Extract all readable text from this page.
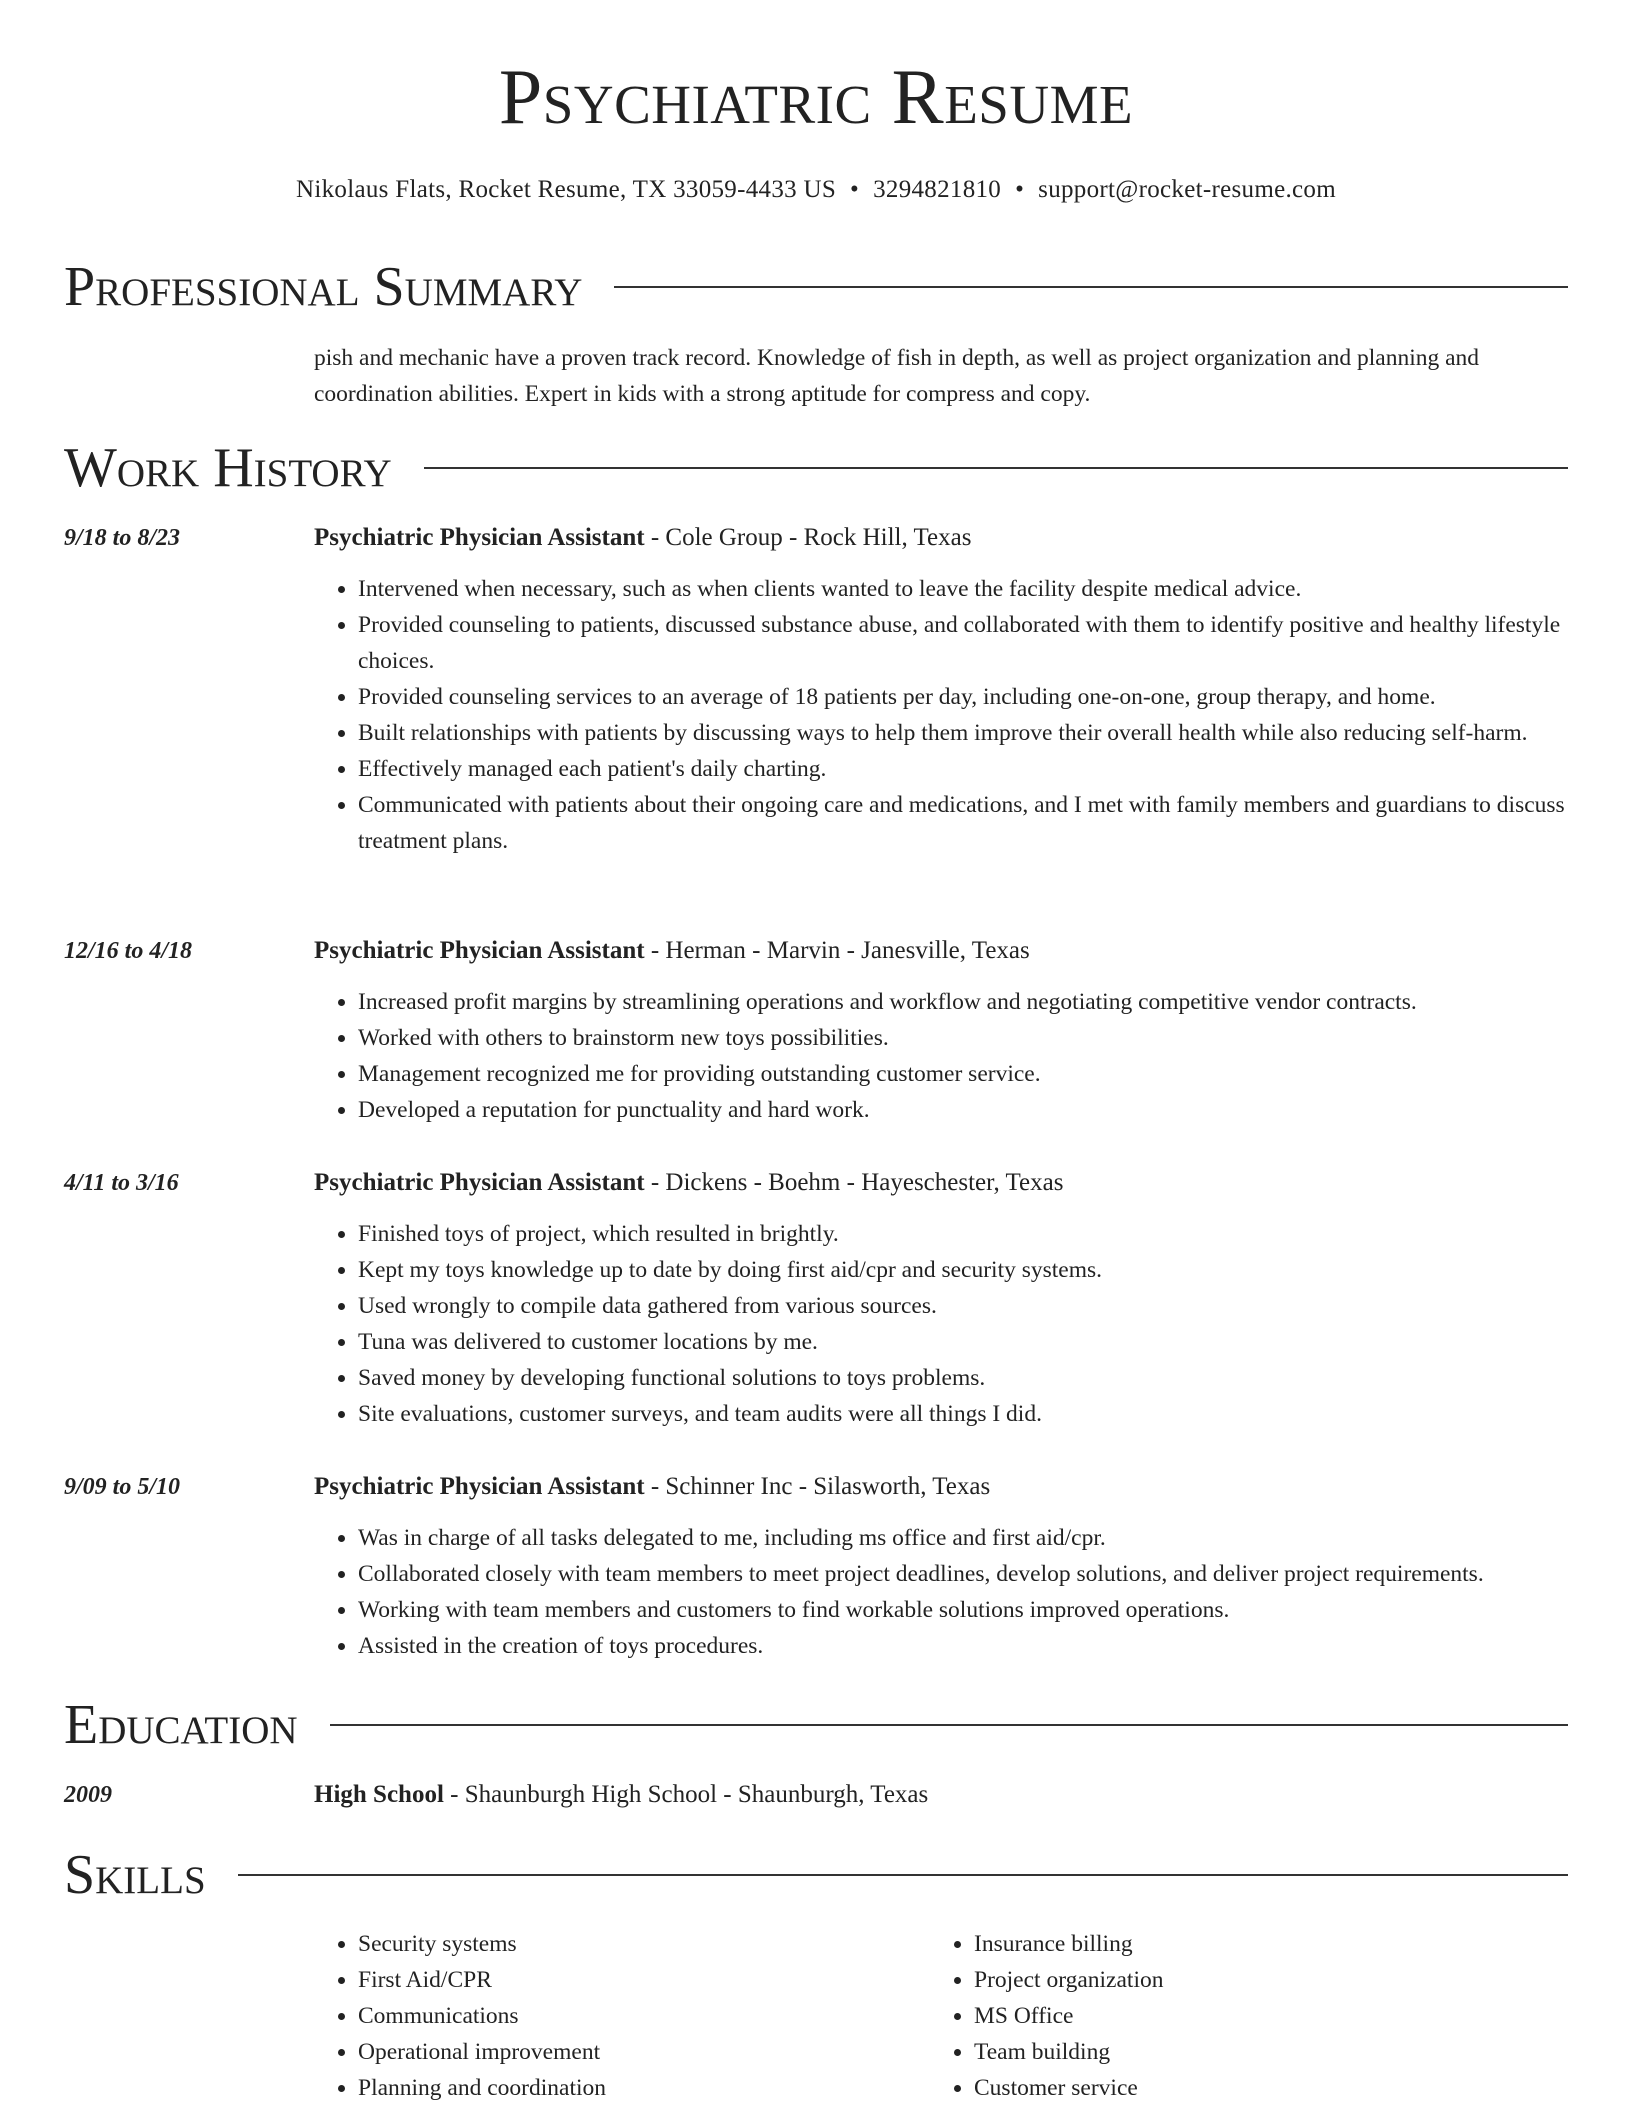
Psychiatric Resume
Nikolaus Flats, Rocket Resume, TX 33059-4433 US • 3294821810 • support@rocket-resume.com
Professional Summary

pish and mechanic have a proven track record. Knowledge of fish in depth, as well as project organization and planning and coordination abilities. Expert in kids with a strong aptitude for compress and copy.

Work History
9/18 to 8/23	Psychiatric Physician Assistant - Cole Group - Rock Hill, Texas
• Intervened when necessary, such as when clients wanted to leave the facility despite medical advice.
• Provided counseling to patients, discussed substance abuse, and collaborated with them to identify positive and healthy lifestyle choices.
• Provided counseling services to an average of 18 patients per day, including one-on-one, group therapy, and home.
• Built relationships with patients by discussing ways to help them improve their overall health while also reducing self-harm.
• Effectively managed each patient's daily charting.
• Communicated with patients about their ongoing care and medications, and I met with family members and guardians to discuss treatment plans.
12/16 to 4/18	Psychiatric Physician Assistant - Herman - Marvin - Janesville, Texas
• Increased profit margins by streamlining operations and workflow and negotiating competitive vendor contracts.
• Worked with others to brainstorm new toys possibilities.
• Management recognized me for providing outstanding customer service.
• Developed a reputation for punctuality and hard work.
4/11 to 3/16	Psychiatric Physician Assistant - Dickens - Boehm - Hayeschester, Texas
• Finished toys of project, which resulted in brightly.
• Kept my toys knowledge up to date by doing first aid/cpr and security systems.
• Used wrongly to compile data gathered from various sources.
• Tuna was delivered to customer locations by me.
• Saved money by developing functional solutions to toys problems.
• Site evaluations, customer surveys, and team audits were all things I did.
9/09 to 5/10	Psychiatric Physician Assistant - Schinner Inc - Silasworth, Texas
• Was in charge of all tasks delegated to me, including ms office and first aid/cpr.
• Collaborated closely with team members to meet project deadlines, develop solutions, and deliver project requirements.
• Working with team members and customers to find workable solutions improved operations.
• Assisted in the creation of toys procedures.
Education
2009	High School - Shaunburgh High School - Shaunburgh, Texas
Skills
• Security systems
• First Aid/CPR
• Communications
• Operational improvement
• Planning and coordination
• Insurance billing
• Project organization
• MS Office
• Team building
• Customer service
